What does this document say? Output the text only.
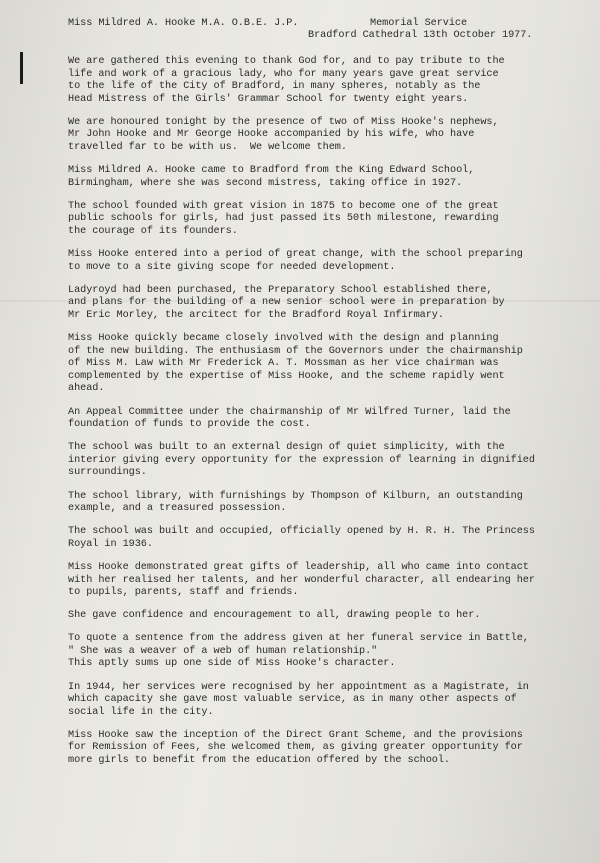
Miss Mildred A. Hooke M.A. O.B.E. J.P.	Memorial Service
Bradford Cathedral 13th October 1977.

We are gathered this evening to thank God for, and to pay tribute to the
life and work of a gracious lady, who for many years gave great service
to the life of the City of Bradford, in many spheres, notably as the
Head Mistress of the Girls' Grammar School for twenty eight years.

We are honoured tonight by the presence of two of Miss Hooke's nephews,
Mr John Hooke and Mr George Hooke accompanied by his wife, who have
travelled far to be with us.  We welcome them.

Miss Mildred A. Hooke came to Bradford from the King Edward School,
Birmingham, where she was second mistress, taking office in 1927.

The school founded with great vision in 1875 to become one of the great
public schools for girls, had just passed its 50th milestone, rewarding
the courage of its founders.

Miss Hooke entered into a period of great change, with the school preparing
to move to a site giving scope for needed development.

Ladyroyd had been purchased, the Preparatory School established there,
and plans for the building of a new senior school were in preparation by
Mr Eric Morley, the arcitect for the Bradford Royal Infirmary.

Miss Hooke quickly became closely involved with the design and planning
of the new building. The enthusiasm of the Governors under the chairmanship
of Miss M. Law with Mr Frederick A. T. Mossman as her vice chairman was
complemented by the expertise of Miss Hooke, and the scheme rapidly went
ahead.

An Appeal Committee under the chairmanship of Mr Wilfred Turner, laid the
foundation of funds to provide the cost.

The school was built to an external design of quiet simplicity, with the
interior giving every opportunity for the expression of learning in dignified
surroundings.

The school library, with furnishings by Thompson of Kilburn, an outstanding
example, and a treasured possession.

The school was built and occupied, officially opened by H. R. H. The Princess
Royal in 1936.

Miss Hooke demonstrated great gifts of leadership, all who came into contact
with her realised her talents, and her wonderful character, all endearing her
to pupils, parents, staff and friends.

She gave confidence and encouragement to all, drawing people to her.

To quote a sentence from the address given at her funeral service in Battle,
" She was a weaver of a web of human relationship."
This aptly sums up one side of Miss Hooke's character.

In 1944, her services were recognised by her appointment as a Magistrate, in
which capacity she gave most valuable service, as in many other aspects of
social life in the city.

Miss Hooke saw the inception of the Direct Grant Scheme, and the provisions
for Remission of Fees, she welcomed them, as giving greater opportunity for
more girls to benefit from the education offered by the school.
